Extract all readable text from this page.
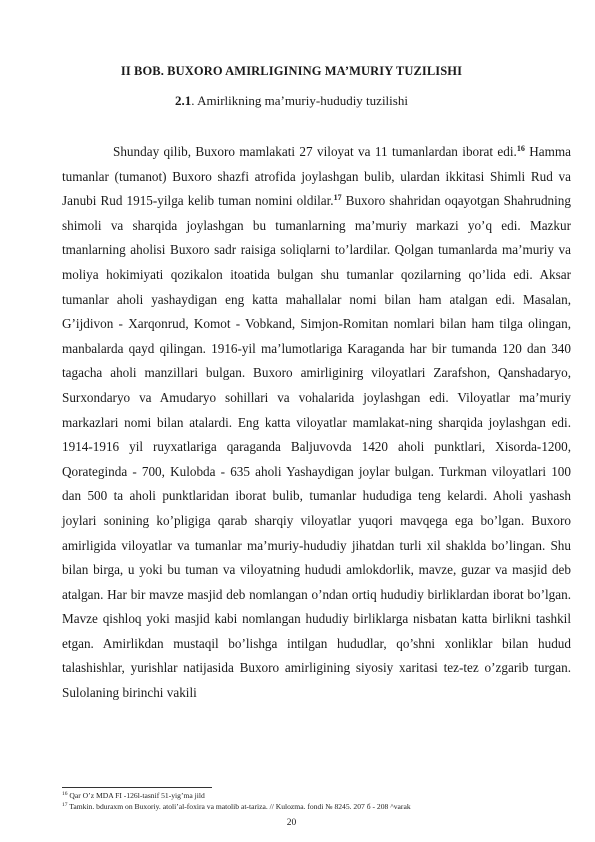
II BOB. BUXORO AMIRLIGINING MA’MURIY TUZILISHI
2.1. Amirlikning ma’muriy-hududiy tuzilishi

Shunday qilib, Buxoro mamlakati 27 viloyat va 11 tumanlardan iborat edi.$^{16}$ Hamma tumanlar (tumanot) Buxoro shazfi atrofida joylashgan bulib, ulardan ikkitasi Shimli Rud va Janubi Rud 1915-yilga kelib tuman nomini oldilar.$^{17}$ Buxoro shahridan oqayotgan Shahrudning shimoli va sharqida joylashgan bu tumanlarning ma’muriy markazi yo’q edi. Mazkur tmanlarning aholisi Buxoro sadr raisiga soliqlarni to’lardilar. Qolgan tumanlarda ma’muriy va moliya hokimiyati qozikalon itoatida bulgan shu tumanlar qozilarning qo’lida edi. Aksar tumanlar aholi yashaydigan eng katta mahallalar nomi bilan ham atalgan edi. Masalan, G’ijdivon - Xarqonrud, Komot - Vobkand, Simjon-Romitan nomlari bilan ham tilga olingan, manbalarda qayd qilingan. 1916-yil ma’lumotlariga Karaganda har bir tumanda 120 dan 340 tagacha aholi manzillari bulgan. Buxoro amirliginirg viloyatlari Zarafshon, Qanshadaryo, Surxondaryo va Amudaryo sohillari va vohalarida joylashgan edi. Viloyatlar ma’muriy markazlari nomi bilan atalardi. Eng katta viloyatlar mamlakat-ning sharqida joylashgan edi. 1914-1916 yil ruyxatlariga qaraganda Baljuvovda 1420 aholi punktlari, Xisorda-1200, Qorateginda - 700, Kulobda - 635 aholi Yashaydigan joylar bulgan. Turkman viloyatlari 100 dan 500 ta aholi punktlaridan iborat bulib, tumanlar hududiga teng kelardi. Aholi yashash joylari sonining ko’pligiga qarab sharqiy viloyatlar yuqori mavqega ega bo’lgan. Buxoro amirligida viloyatlar va tumanlar ma’muriy-hududiy jihatdan turli xil shaklda bo’lingan. Shu bilan birga, u yoki bu tuman va viloyatning hududi amlokdorlik, mavze, guzar va masjid deb atalgan. Har bir mavze masjid deb nomlangan o’ndan ortiq hududiy birliklardan iborat bo’lgan. Mavze qishloq yoki masjid kabi nomlangan hududiy birliklarga nisbatan katta birlikni tashkil etgan. Amirlikdan mustaqil bo’lishga intilgan hududlar, qo’shni xonliklar bilan hudud talashishlar, yurishlar natijasida Buxoro amirligining siyosiy xaritasi tez-tez o’zgarib turgan. Sulolaning birinchi vakili

$^{16}$ Qar O’z MDA FI -126l-tasnif 51-yig’ma jild
$^{17}$ Tamkin. bduraxm on Buxoriy. atoli’al-foxira va matolib at-tariza. // Kulozma. fondi № 8245. 207 б - 208 ^varak
20
